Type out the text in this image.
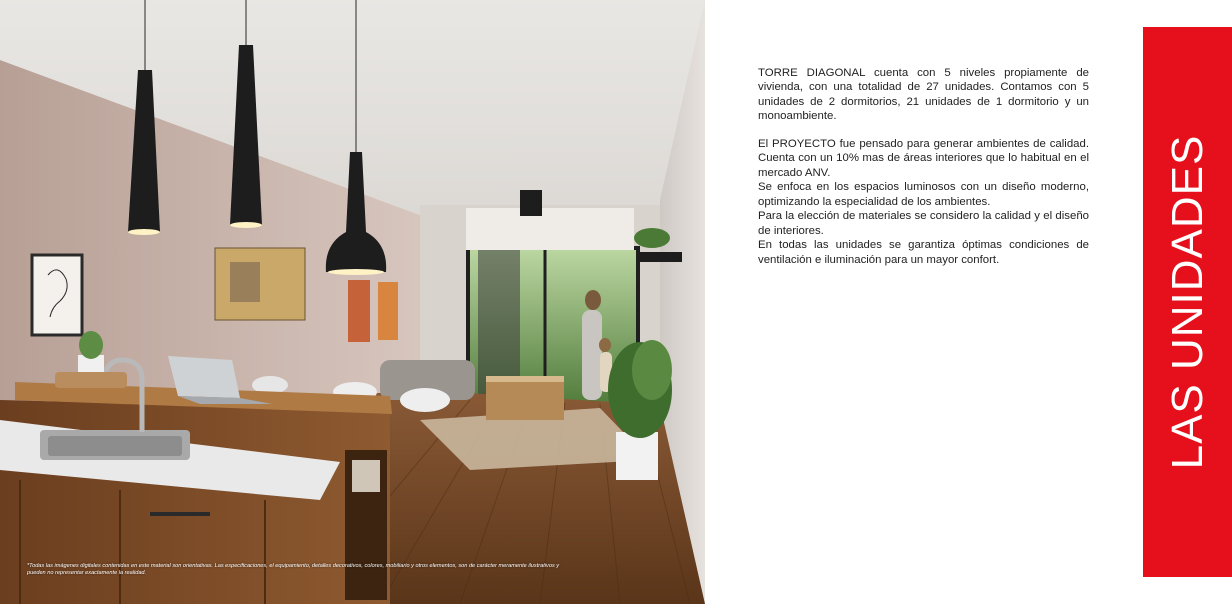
*Todas las imágenes digitales contenidas en este material son orientativas. Las especificaciones, el equipamiento, detalles decorativos, colores, mobiliario y otros elementos, son de carácter meramente ilustrativos y pueden no representar exactamente la realidad.

TORRE DIAGONAL cuenta con 5 niveles propiamente de vivienda, con una totalidad de 27 unidades. Contamos con 5 unidades de 2 dormitorios, 21 unidades de 1 dormitorio y un monoambiente.

El PROYECTO fue pensado para generar ambientes de calidad. Cuenta con un 10% mas de áreas interiores que lo habitual en el mercado ANV.

Se enfoca en los espacios luminosos con un diseño moderno, optimizando la especialidad de los ambientes.

Para la elección de materiales se considero la calidad y el diseño de interiores.

En todas las unidades se garantiza óptimas condiciones de ventilación e iluminación para un mayor confort.	LAS UNIDADES
